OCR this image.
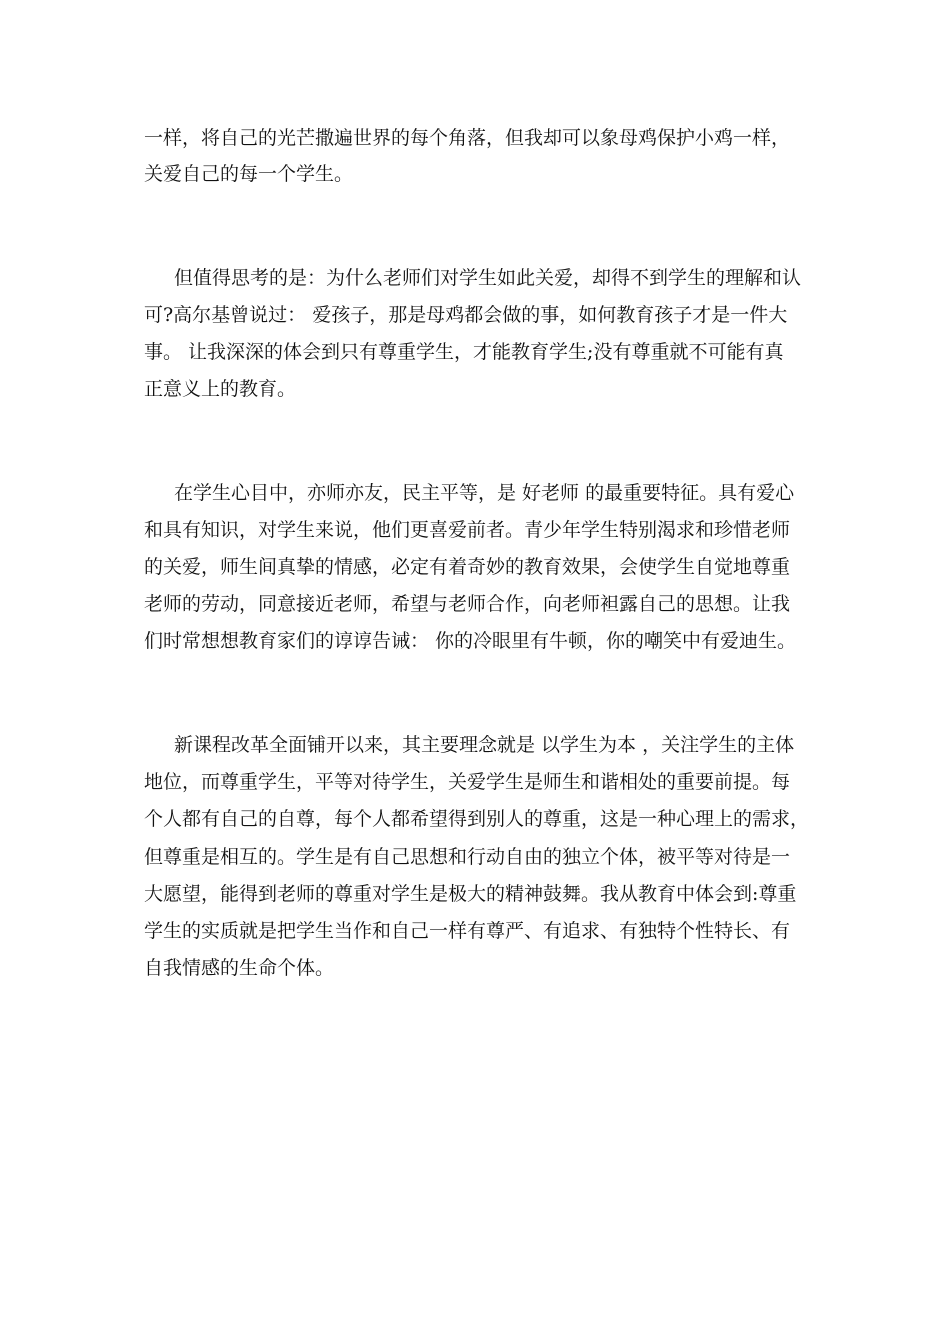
一样，将自己的光芒撒遍世界的每个角落，但我却可以象母鸡保护小鸡一样，

关爱自己的每一个学生。

但值得思考的是：为什么老师们对学生如此关爱，却得不到学生的理解和认

可?高尔基曾说过： 爱孩子，那是母鸡都会做的事，如何教育孩子才是一件大

事。 让我深深的体会到只有尊重学生，才能教育学生;没有尊重就不可能有真

正意义上的教育。

在学生心目中，亦师亦友，民主平等，是 好老师 的最重要特征。具有爱心

和具有知识，对学生来说，他们更喜爱前者。青少年学生特别渴求和珍惜老师

的关爱，师生间真挚的情感，必定有着奇妙的教育效果，会使学生自觉地尊重

老师的劳动，同意接近老师，希望与老师合作，向老师袒露自己的思想。让我

们时常想想教育家们的谆谆告诫： 你的冷眼里有牛顿，你的嘲笑中有爱迪生。

新课程改革全面铺开以来，其主要理念就是 以学生为本 ，关注学生的主体

地位，而尊重学生，平等对待学生，关爱学生是师生和谐相处的重要前提。每

个人都有自己的自尊，每个人都希望得到别人的尊重，这是一种心理上的需求，

但尊重是相互的。学生是有自己思想和行动自由的独立个体，被平等对待是一

大愿望，能得到老师的尊重对学生是极大的精神鼓舞。我从教育中体会到:尊重

学生的实质就是把学生当作和自己一样有尊严、有追求、有独特个性特长、有

自我情感的生命个体。
